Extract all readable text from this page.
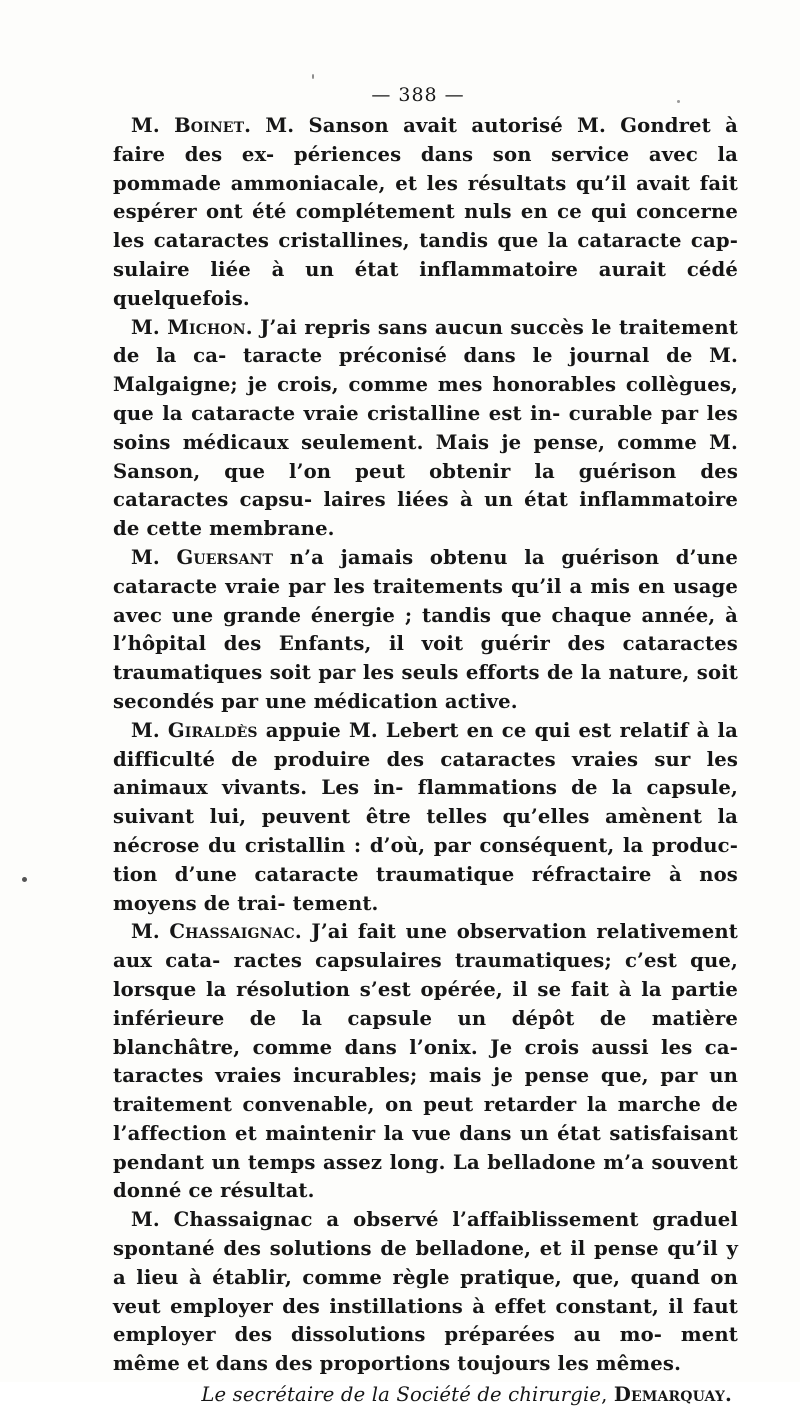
— 388 —

M. Boinet. M. Sanson avait autorisé M. Gondret à faire des ex- périences dans son service avec la pommade ammoniacale, et les résultats qu’il avait fait espérer ont été complétement nuls en ce qui concerne les cataractes cristallines, tandis que la cataracte cap- sulaire liée à un état inflammatoire aurait cédé quelquefois.

M. Michon. J’ai repris sans aucun succès le traitement de la ca- taracte préconisé dans le journal de M. Malgaigne; je crois, comme mes honorables collègues, que la cataracte vraie cristalline est in- curable par les soins médicaux seulement. Mais je pense, comme M. Sanson, que l’on peut obtenir la guérison des cataractes capsu- laires liées à un état inflammatoire de cette membrane.

M. Guersant n’a jamais obtenu la guérison d’une cataracte vraie par les traitements qu’il a mis en usage avec une grande énergie ; tandis que chaque année, à l’hôpital des Enfants, il voit guérir des cataractes traumatiques soit par les seuls efforts de la nature, soit secondés par une médication active.

M. Giraldès appuie M. Lebert en ce qui est relatif à la difficulté de produire des cataractes vraies sur les animaux vivants. Les in- flammations de la capsule, suivant lui, peuvent être telles qu’elles amènent la nécrose du cristallin : d’où, par conséquent, la produc- tion d’une cataracte traumatique réfractaire à nos moyens de trai- tement.

M. Chassaignac. J’ai fait une observation relativement aux cata- ractes capsulaires traumatiques; c’est que, lorsque la résolution s’est opérée, il se fait à la partie inférieure de la capsule un dépôt de matière blanchâtre, comme dans l’onix. Je crois aussi les ca- taractes vraies incurables; mais je pense que, par un traitement convenable, on peut retarder la marche de l’affection et maintenir la vue dans un état satisfaisant pendant un temps assez long. La belladone m’a souvent donné ce résultat.

M. Chassaignac a observé l’affaiblissement graduel spontané des solutions de belladone, et il pense qu’il y a lieu à établir, comme règle pratique, que, quand on veut employer des instillations à effet constant, il faut employer des dissolutions préparées au mo- ment même et dans des proportions toujours les mêmes.

Le secrétaire de la Société de chirurgie, Demarquay.
